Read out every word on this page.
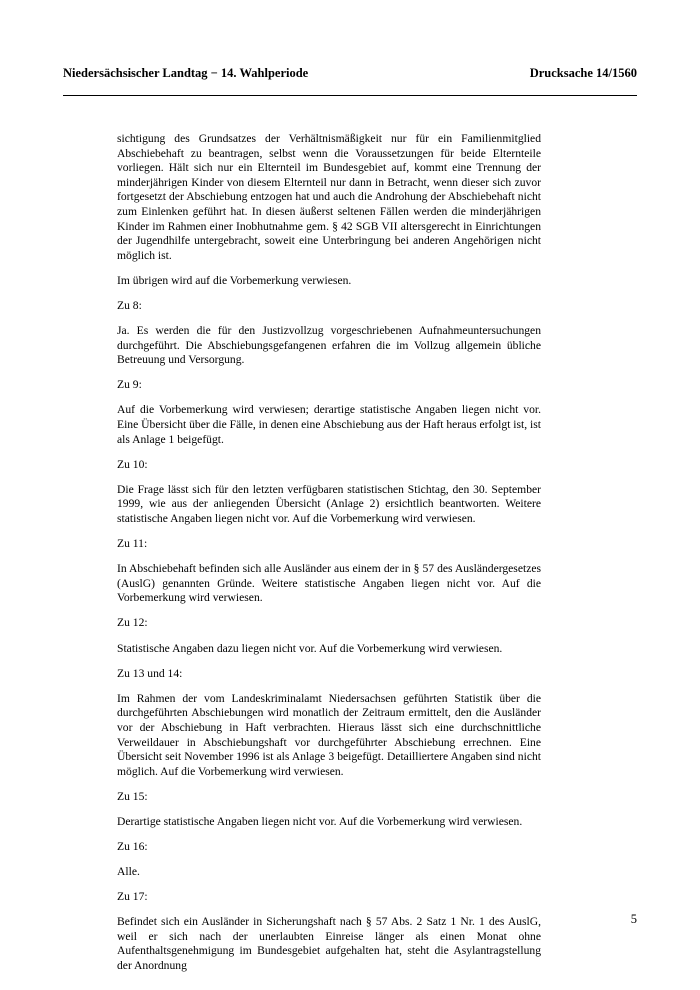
Niedersächsischer Landtag − 14. Wahlperiode	Drucksache 14/1560

sichtigung des Grundsatzes der Verhältnismäßigkeit nur für ein Familienmitglied Abschiebehaft zu beantragen, selbst wenn die Voraussetzungen für beide Elternteile vorliegen. Hält sich nur ein Elternteil im Bundesgebiet auf, kommt eine Trennung der minderjährigen Kinder von diesem Elternteil nur dann in Betracht, wenn dieser sich zuvor fortgesetzt der Abschiebung entzogen hat und auch die Androhung der Abschiebehaft nicht zum Einlenken geführt hat. In diesen äußerst seltenen Fällen werden die minderjährigen Kinder im Rahmen einer Inobhutnahme gem. § 42 SGB VII altersgerecht in Einrichtungen der Jugendhilfe untergebracht, soweit eine Unterbringung bei anderen Angehörigen nicht möglich ist.

Im übrigen wird auf die Vorbemerkung verwiesen.

Zu 8:

Ja. Es werden die für den Justizvollzug vorgeschriebenen Aufnahmeuntersuchungen durchgeführt. Die Abschiebungsgefangenen erfahren die im Vollzug allgemein übliche Betreuung und Versorgung.

Zu 9:

Auf die Vorbemerkung wird verwiesen; derartige statistische Angaben liegen nicht vor. Eine Übersicht über die Fälle, in denen eine Abschiebung aus der Haft heraus erfolgt ist, ist als Anlage 1 beigefügt.

Zu 10:

Die Frage lässt sich für den letzten verfügbaren statistischen Stichtag, den 30. September 1999, wie aus der anliegenden Übersicht (Anlage 2) ersichtlich beantworten. Weitere statistische Angaben liegen nicht vor. Auf die Vorbemerkung wird verwiesen.

Zu 11:

In Abschiebehaft befinden sich alle Ausländer aus einem der in § 57 des Ausländergesetzes (AuslG) genannten Gründe. Weitere statistische Angaben liegen nicht vor. Auf die Vorbemerkung wird verwiesen.

Zu 12:

Statistische Angaben dazu liegen nicht vor. Auf die Vorbemerkung wird verwiesen.

Zu 13 und 14:

Im Rahmen der vom Landeskriminalamt Niedersachsen geführten Statistik über die durchgeführten Abschiebungen wird monatlich der Zeitraum ermittelt, den die Ausländer vor der Abschiebung in Haft verbrachten. Hieraus lässt sich eine durchschnittliche Verweildauer in Abschiebungshaft vor durchgeführter Abschiebung errechnen. Eine Übersicht seit November 1996 ist als Anlage 3 beigefügt. Detailliertere Angaben sind nicht möglich. Auf die Vorbemerkung wird verwiesen.

Zu 15:

Derartige statistische Angaben liegen nicht vor. Auf die Vorbemerkung wird verwiesen.

Zu 16:

Alle.

Zu 17:

Befindet sich ein Ausländer in Sicherungshaft nach § 57 Abs. 2 Satz 1 Nr. 1 des AuslG, weil er sich nach der unerlaubten Einreise länger als einen Monat ohne Aufenthaltsgenehmigung im Bundesgebiet aufgehalten hat, steht die Asylantragstellung der Anordnung

5
